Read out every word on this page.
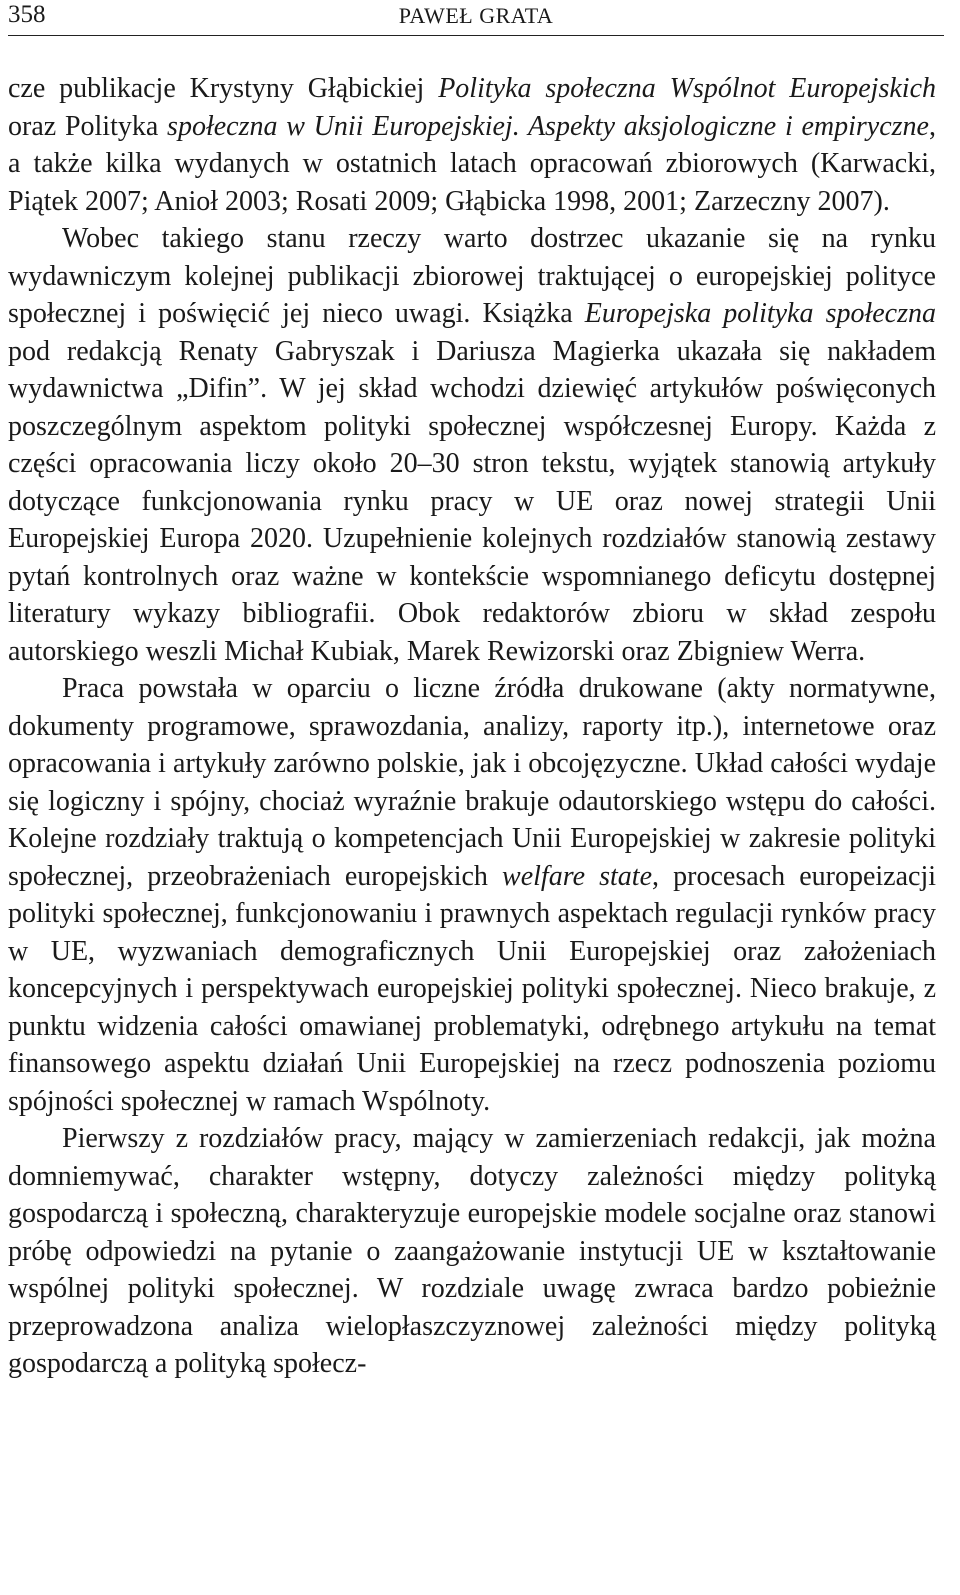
358	PAWEŁ GRATA

cze publikacje Krystyny Głąbickiej Polityka społeczna Wspólnot Europejskich oraz Polityka społeczna w Unii Europejskiej. Aspekty aksjologiczne i empiryczne, a także kilka wydanych w ostatnich latach opracowań zbiorowych (Karwacki, Piątek 2007; Anioł 2003; Rosati 2009; Głąbicka 1998, 2001; Zarzeczny 2007).

Wobec takiego stanu rzeczy warto dostrzec ukazanie się na rynku wydawniczym kolejnej publikacji zbiorowej traktującej o europejskiej polityce społecznej i poświęcić jej nieco uwagi. Książka Europejska polityka społeczna pod redakcją Renaty Gabryszak i Dariusza Magierka ukazała się nakładem wydawnictwa „Difin”. W jej skład wchodzi dziewięć artykułów poświęconych poszczególnym aspektom polityki społecznej współczesnej Europy. Każda z części opracowania liczy około 20–30 stron tekstu, wyjątek stanowią artykuły dotyczące funkcjonowania rynku pracy w UE oraz nowej strategii Unii Europejskiej Europa 2020. Uzupełnienie kolejnych rozdziałów stanowią zestawy pytań kontrolnych oraz ważne w kontekście wspomnianego deficytu dostępnej literatury wykazy bibliografii. Obok redaktorów zbioru w skład zespołu autorskiego weszli Michał Kubiak, Marek Rewizorski oraz Zbigniew Werra.

Praca powstała w oparciu o liczne źródła drukowane (akty normatywne, dokumenty programowe, sprawozdania, analizy, raporty itp.), internetowe oraz opracowania i artykuły zarówno polskie, jak i obcojęzyczne. Układ całości wydaje się logiczny i spójny, chociaż wyraźnie brakuje odautorskiego wstępu do całości. Kolejne rozdziały traktują o kompetencjach Unii Europejskiej w zakresie polityki społecznej, przeobrażeniach europejskich welfare state, procesach europeizacji polityki społecznej, funkcjonowaniu i prawnych aspektach regulacji rynków pracy w UE, wyzwaniach demograficznych Unii Europejskiej oraz założeniach koncepcyjnych i perspektywach europejskiej polityki społecznej. Nieco brakuje, z punktu widzenia całości omawianej problematyki, odrębnego artykułu na temat finansowego aspektu działań Unii Europejskiej na rzecz podnoszenia poziomu spójności społecznej w ramach Wspólnoty.

Pierwszy z rozdziałów pracy, mający w zamierzeniach redakcji, jak można domniemywać, charakter wstępny, dotyczy zależności między polityką gospodarczą i społeczną, charakteryzuje europejskie modele socjalne oraz stanowi próbę odpowiedzi na pytanie o zaangażowanie instytucji UE w kształtowanie wspólnej polityki społecznej. W rozdziale uwagę zwraca bardzo pobieżnie przeprowadzona analiza wielopłaszczyznowej zależności między polityką gospodarczą a polityką społecz-
